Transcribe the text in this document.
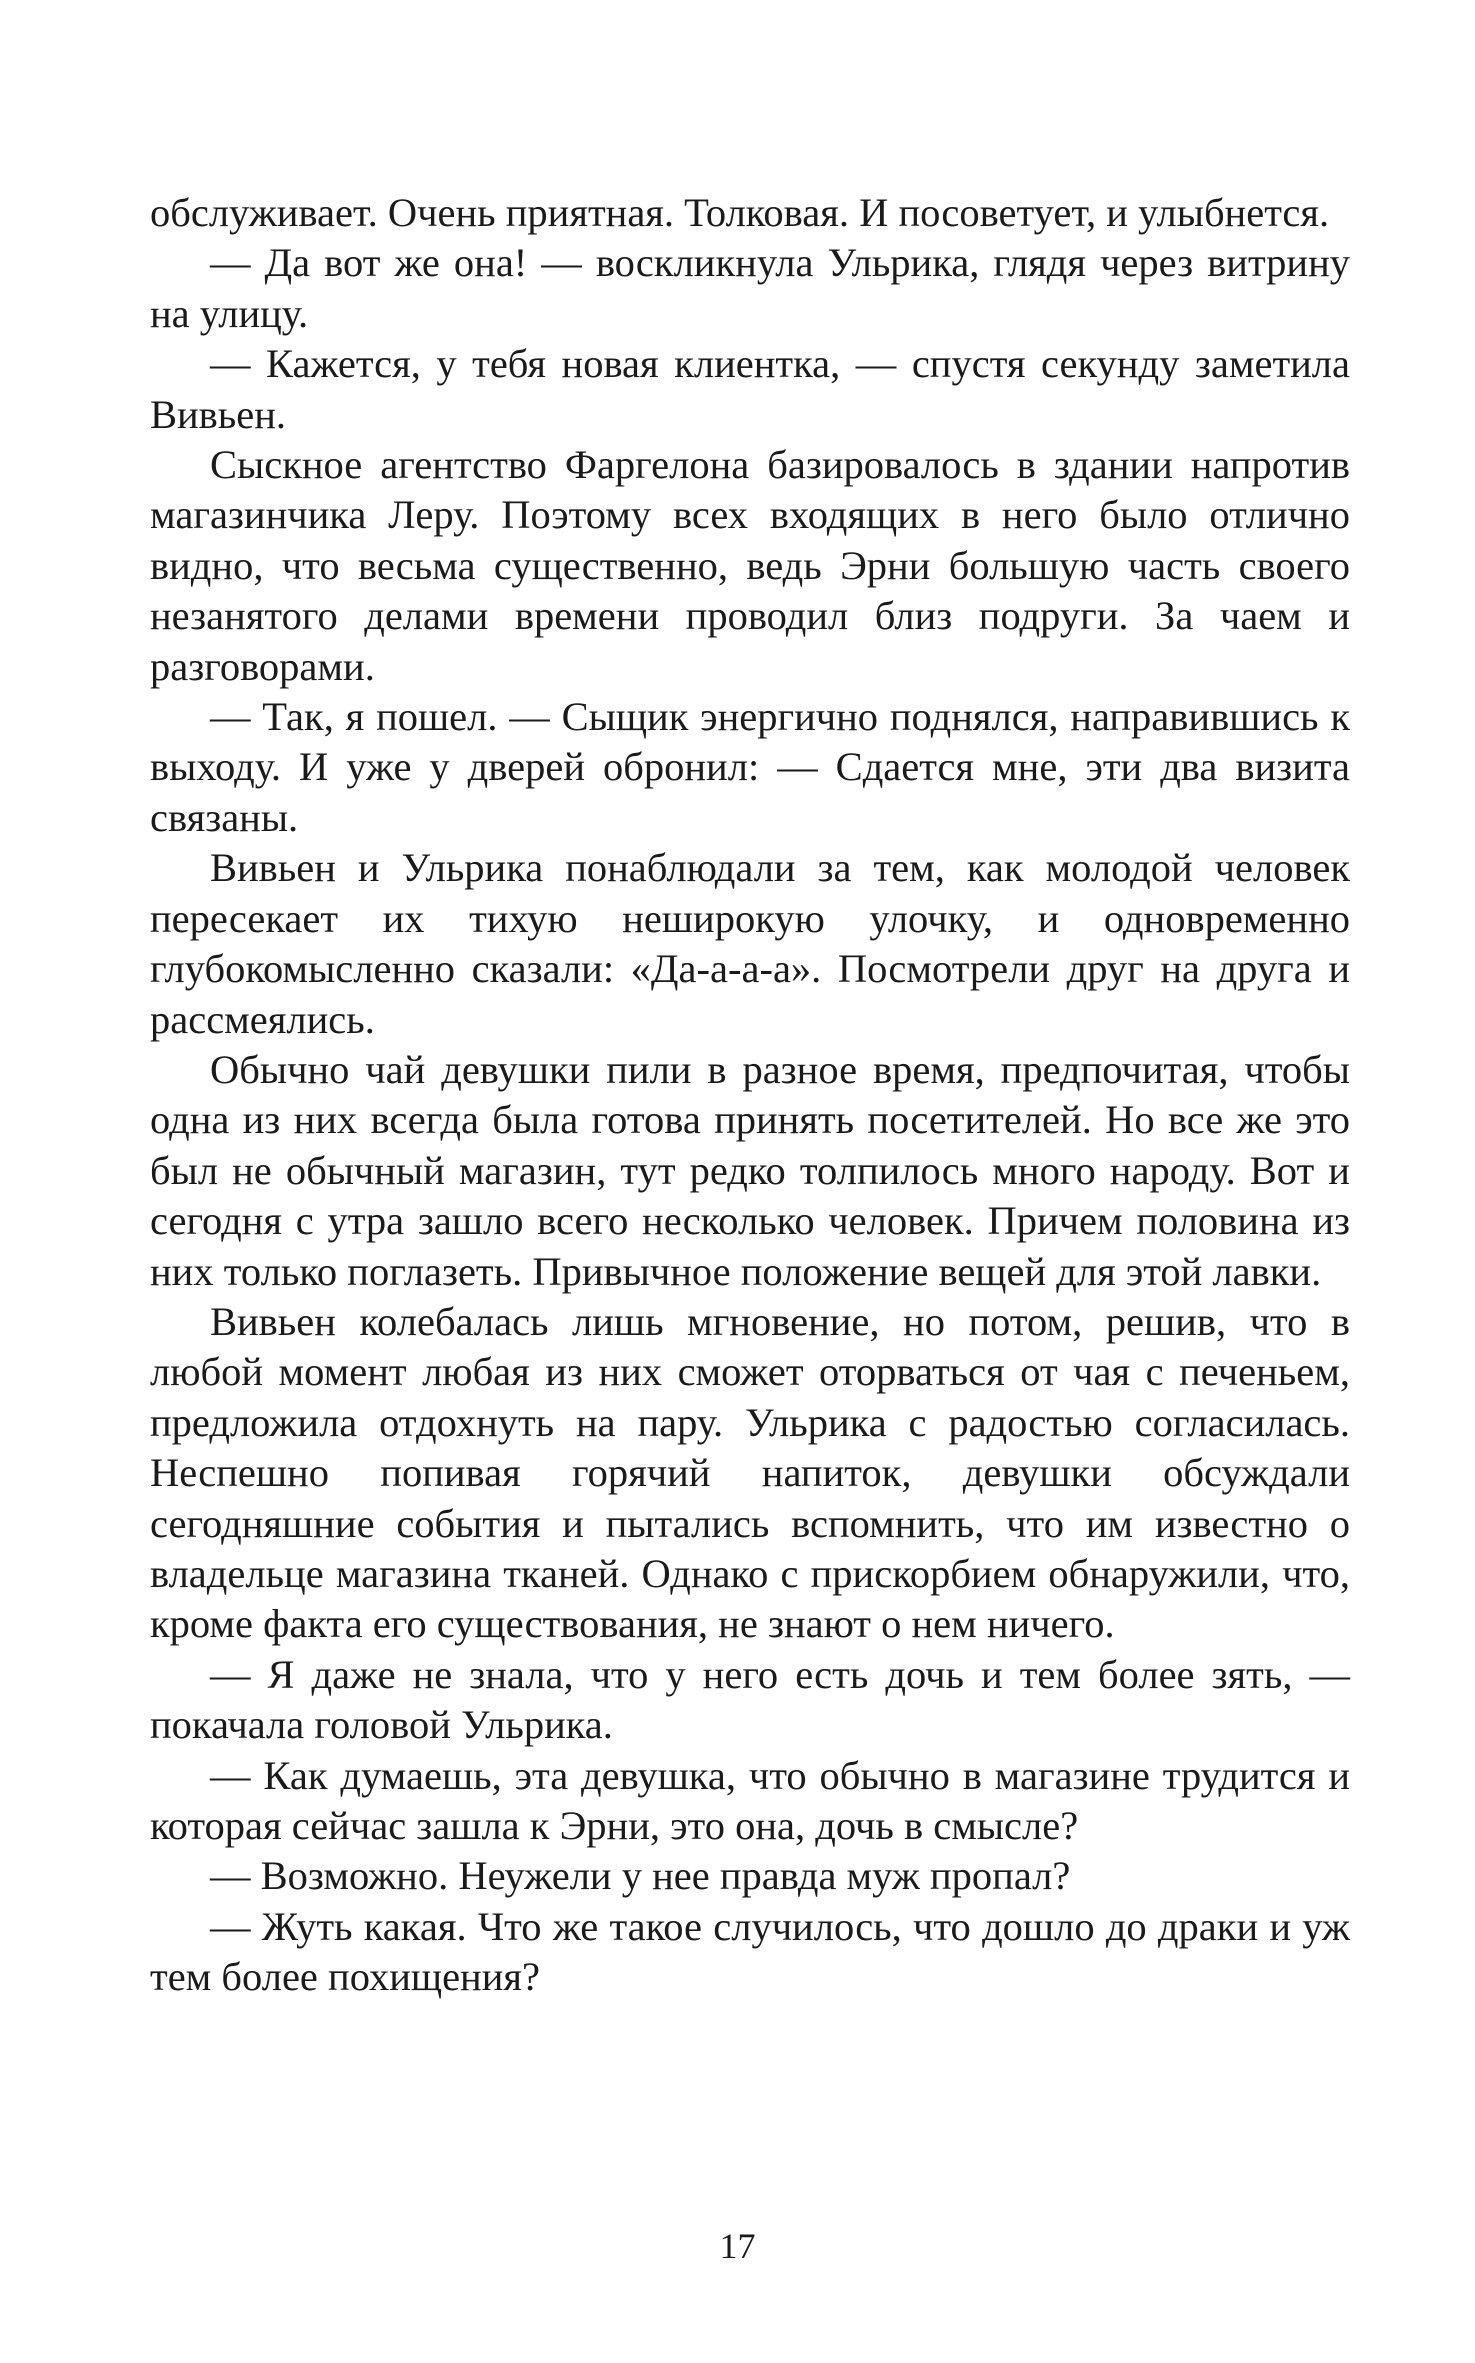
обслуживает. Очень приятная. Толковая. И посоветует, и улыбнется.

— Да вот же она! — воскликнула Ульрика, глядя через витрину на улицу.

— Кажется, у тебя новая клиентка, — спустя секунду заметила Вивьен.

Сыскное агентство Фаргелона базировалось в здании напротив магазинчика Леру. Поэтому всех входящих в него было отлично видно, что весьма существенно, ведь Эрни большую часть своего незанятого делами времени проводил близ подруги. За чаем и разговорами.

— Так, я пошел. — Сыщик энергично поднялся, направившись к выходу. И уже у дверей обронил: — Сдается мне, эти два визита связаны.

Вивьен и Ульрика понаблюдали за тем, как молодой человек пересекает их тихую неширокую улочку, и одновременно глубокомысленно сказали: «Да-а-а-а». Посмотрели друг на друга и рассмеялись.

Обычно чай девушки пили в разное время, предпочитая, чтобы одна из них всегда была готова принять посетителей. Но все же это был не обычный магазин, тут редко толпилось много народу. Вот и сегодня с утра зашло всего несколько человек. Причем половина из них только поглазеть. Привычное положение вещей для этой лавки.

Вивьен колебалась лишь мгновение, но потом, решив, что в любой момент любая из них сможет оторваться от чая с печеньем, предложила отдохнуть на пару. Ульрика с радостью согласилась. Неспешно попивая горячий напиток, девушки обсуждали сегодняшние события и пытались вспомнить, что им известно о владельце магазина тканей. Однако с прискорбием обнаружили, что, кроме факта его существования, не знают о нем ничего.

— Я даже не знала, что у него есть дочь и тем более зять, — покачала головой Ульрика.

— Как думаешь, эта девушка, что обычно в магазине трудится и которая сейчас зашла к Эрни, это она, дочь в смысле?

— Возможно. Неужели у нее правда муж пропал?

— Жуть какая. Что же такое случилось, что дошло до драки и уж тем более похищения?

17
